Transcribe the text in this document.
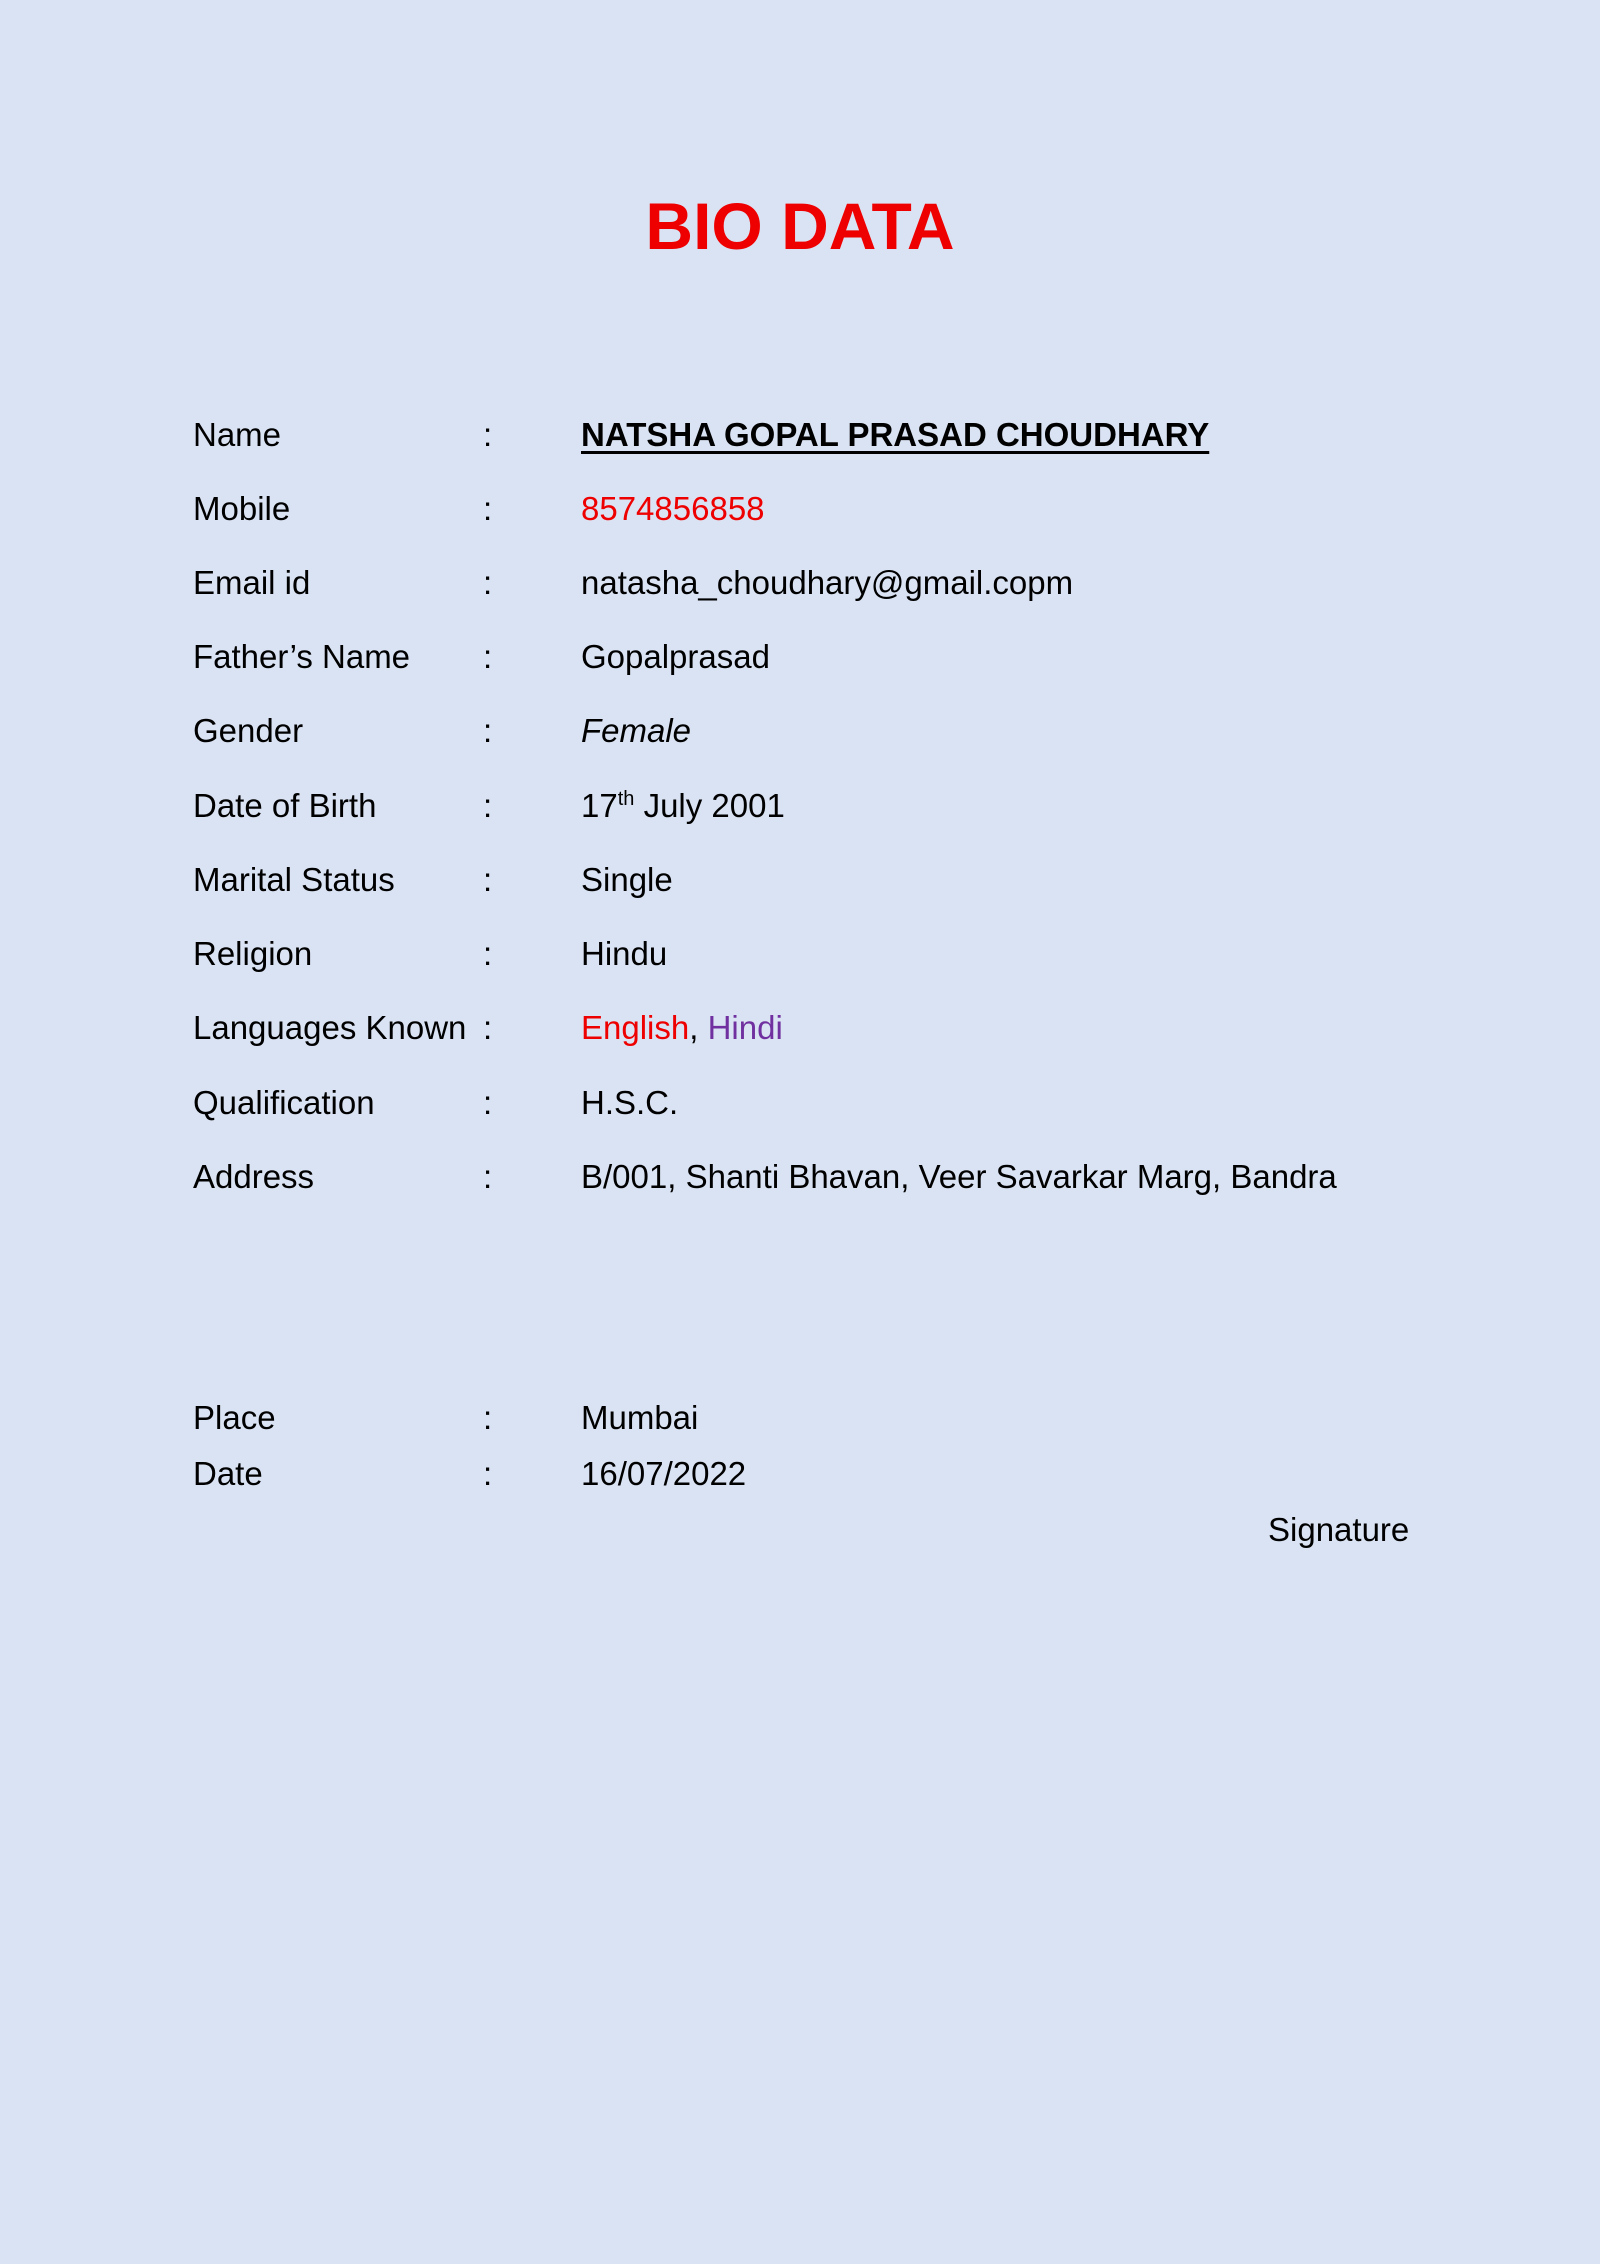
BIO DATA
Name	:	NATSHA GOPAL PRASAD CHOUDHARY
Mobile	:	8574856858
Email id	:	natasha_choudhary@gmail.copm
Father’s Name :	Gopalprasad
Gender	:	Female
Date of Birth	:	17th July 2001
Marital Status	:	Single
Religion	:	Hindu
Languages Known :	English, Hindi
Qualification	:	H.S.C.
Address	:	B/001, Shanti Bhavan, Veer Savarkar Marg, Bandra
Place	:	Mumbai
Date	:	16/07/2022
Signature
